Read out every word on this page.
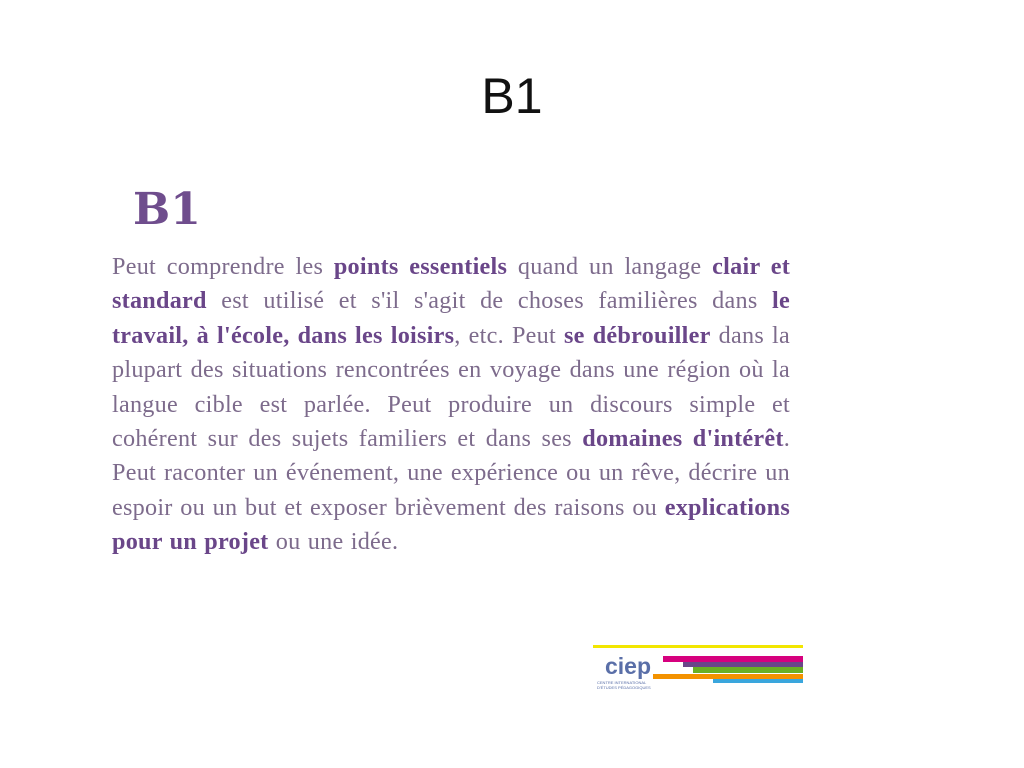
B1
B1
Peut comprendre les points essentiels quand un langage clair et standard est utilisé et s'il s'agit de choses familières dans le travail, à l'école, dans les loisirs, etc. Peut se débrouiller dans la plupart des situations rencontrées en voyage dans une région où la langue cible est parlée. Peut produire un discours simple et cohérent sur des sujets familiers et dans ses domaines d'intérêt. Peut raconter un événement, une expérience ou un rêve, décrire un espoir ou un but et exposer brièvement des raisons ou explications pour un projet ou une idée.
ciep
CENTRE INTERNATIONAL
D'ÉTUDES PÉDAGOGIQUES
